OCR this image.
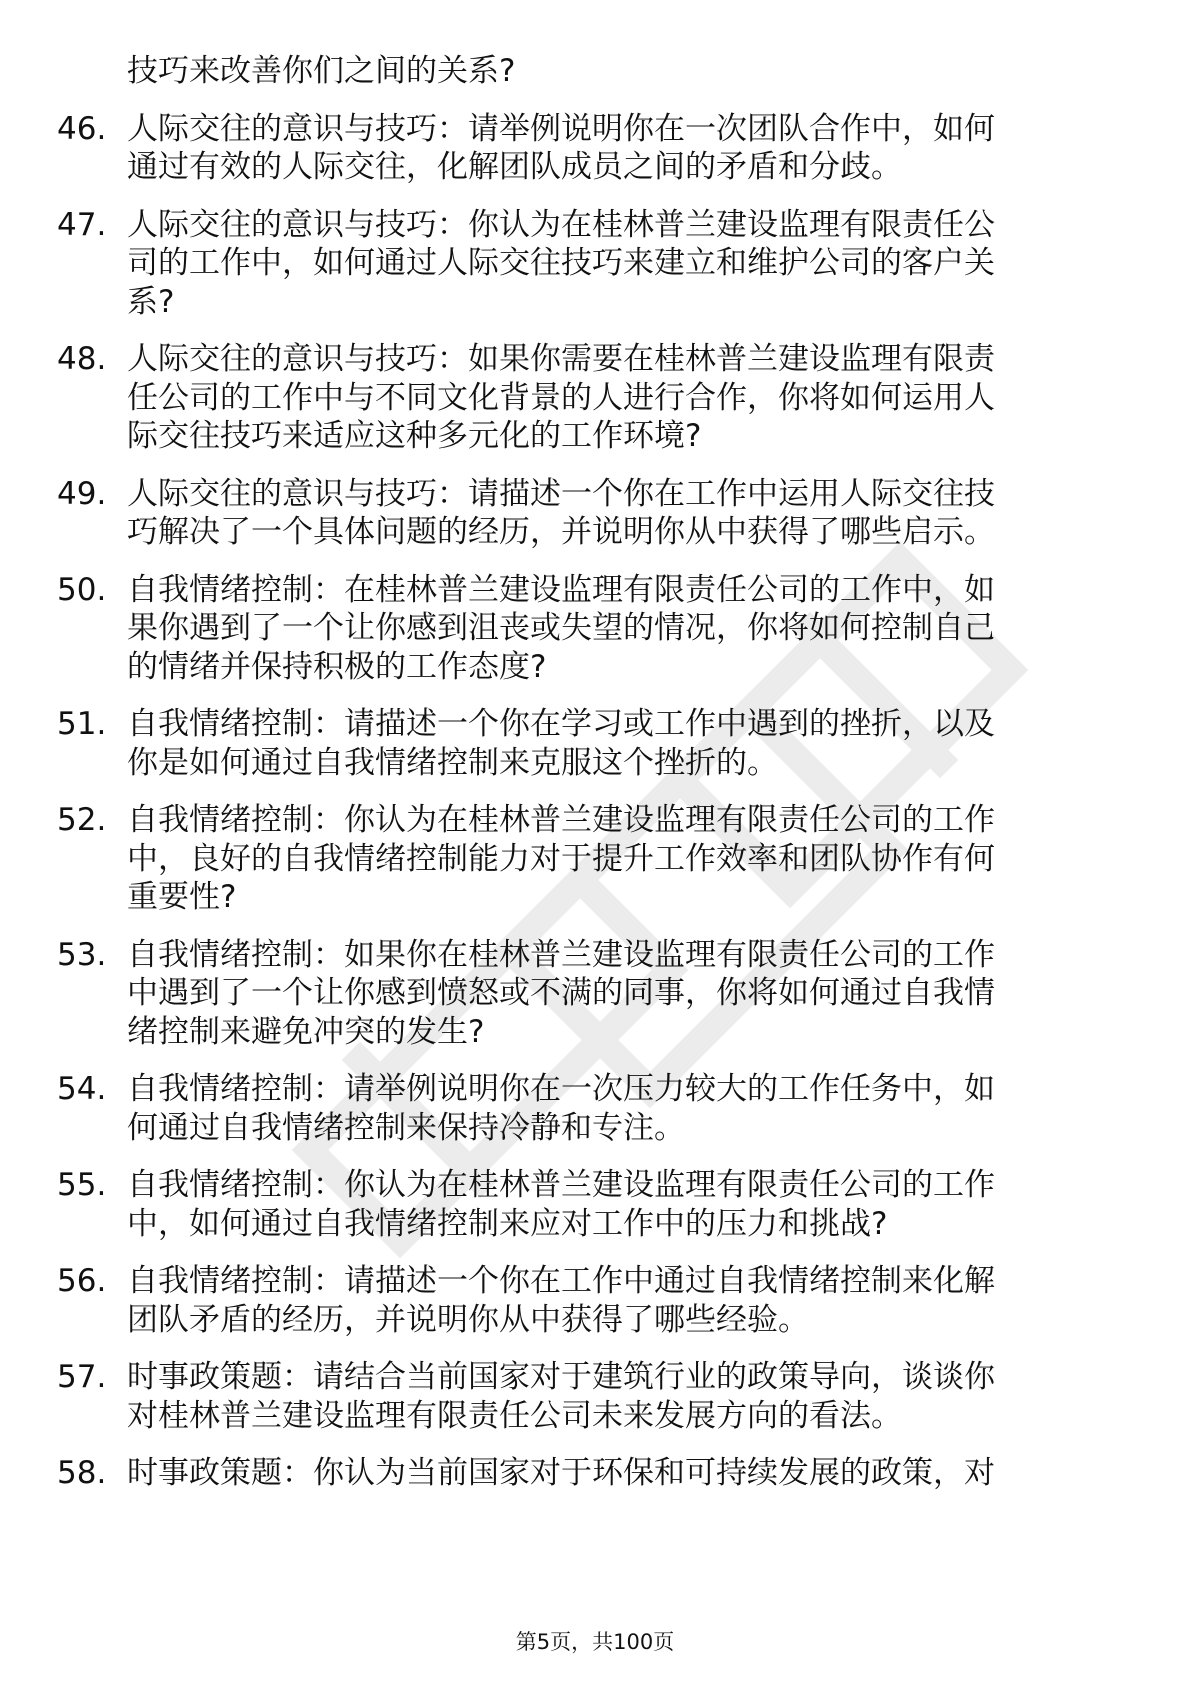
技巧来改善你们之间的关系?
46. 人际交往的意识与技巧：请举例说明你在一次团队合作中，如何
通过有效的人际交往，化解团队成员之间的矛盾和分歧。
47. 人际交往的意识与技巧：你认为在桂林普兰建设监理有限责任公
司的工作中，如何通过人际交往技巧来建立和维护公司的客户关
系?
48. 人际交往的意识与技巧：如果你需要在桂林普兰建设监理有限责
任公司的工作中与不同文化背景的人进行合作，你将如何运用人
际交往技巧来适应这种多元化的工作环境?
49. 人际交往的意识与技巧：请描述一个你在工作中运用人际交往技
巧解决了一个具体问题的经历，并说明你从中获得了哪些启示。
50. 自我情绪控制：在桂林普兰建设监理有限责任公司的工作中，如
果你遇到了一个让你感到沮丧或失望的情况，你将如何控制自己
的情绪并保持积极的工作态度?
51. 自我情绪控制：请描述一个你在学习或工作中遇到的挫折，以及
你是如何通过自我情绪控制来克服这个挫折的。
52. 自我情绪控制：你认为在桂林普兰建设监理有限责任公司的工作
中，良好的自我情绪控制能力对于提升工作效率和团队协作有何
重要性?
53. 自我情绪控制：如果你在桂林普兰建设监理有限责任公司的工作
中遇到了一个让你感到愤怒或不满的同事，你将如何通过自我情
绪控制来避免冲突的发生?
54. 自我情绪控制：请举例说明你在一次压力较大的工作任务中，如
何通过自我情绪控制来保持冷静和专注。
55. 自我情绪控制：你认为在桂林普兰建设监理有限责任公司的工作
中，如何通过自我情绪控制来应对工作中的压力和挑战?
56. 自我情绪控制：请描述一个你在工作中通过自我情绪控制来化解
团队矛盾的经历，并说明你从中获得了哪些经验。
57. 时事政策题：请结合当前国家对于建筑行业的政策导向，谈谈你
对桂林普兰建设监理有限责任公司未来发展方向的看法。
58. 时事政策题：你认为当前国家对于环保和可持续发展的政策，对
第5页，共100页
